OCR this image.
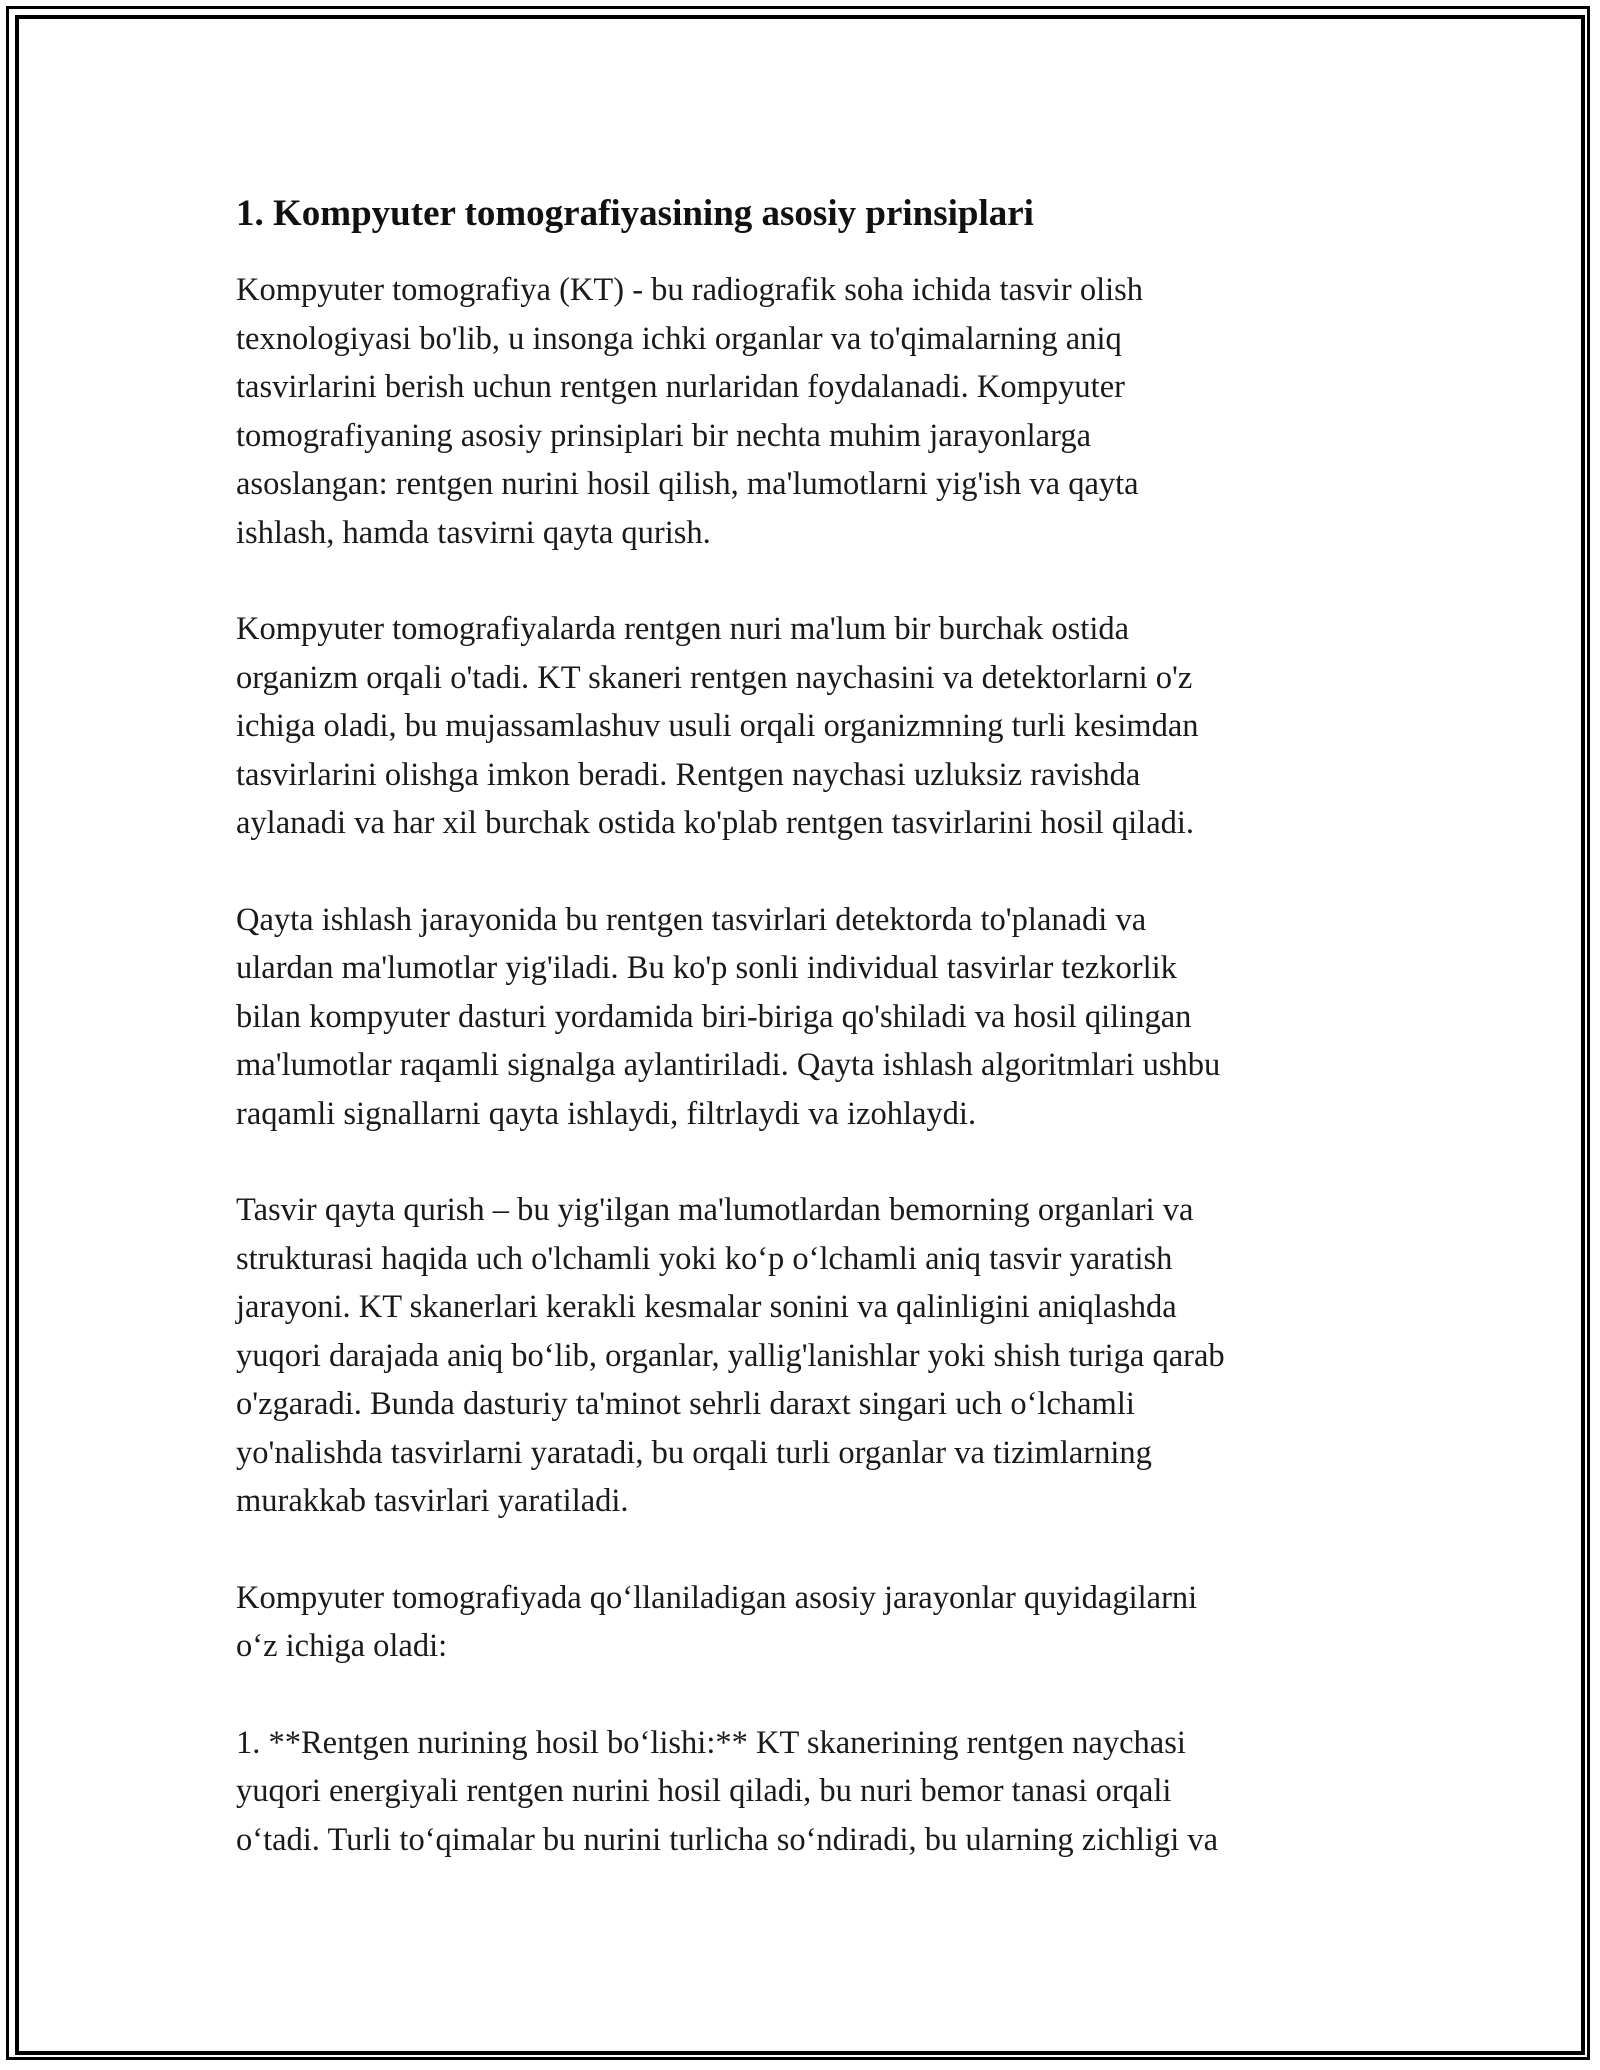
1. Kompyuter tomografiyasining asosiy prinsiplari

Kompyuter tomografiya (KT) - bu radiografik soha ichida tasvir olish
texnologiyasi bo'lib, u insonga ichki organlar va to'qimalarning aniq
tasvirlarini berish uchun rentgen nurlaridan foydalanadi. Kompyuter
tomografiyaning asosiy prinsiplari bir nechta muhim jarayonlarga
asoslangan: rentgen nurini hosil qilish, ma'lumotlarni yig'ish va qayta
ishlash, hamda tasvirni qayta qurish.

Kompyuter tomografiyalarda rentgen nuri ma'lum bir burchak ostida
organizm orqali o'tadi. KT skaneri rentgen naychasini va detektorlarni o'z
ichiga oladi, bu mujassamlashuv usuli orqali organizmning turli kesimdan
tasvirlarini olishga imkon beradi. Rentgen naychasi uzluksiz ravishda
aylanadi va har xil burchak ostida ko'plab rentgen tasvirlarini hosil qiladi.

Qayta ishlash jarayonida bu rentgen tasvirlari detektorda to'planadi va
ulardan ma'lumotlar yig'iladi. Bu ko'p sonli individual tasvirlar tezkorlik
bilan kompyuter dasturi yordamida biri-biriga qo'shiladi va hosil qilingan
ma'lumotlar raqamli signalga aylantiriladi. Qayta ishlash algoritmlari ushbu
raqamli signallarni qayta ishlaydi, filtrlaydi va izohlaydi.

Tasvir qayta qurish – bu yig'ilgan ma'lumotlardan bemorning organlari va
strukturasi haqida uch o'lchamli yoki koʻp oʻlchamli aniq tasvir yaratish
jarayoni. KT skanerlari kerakli kesmalar sonini va qalinligini aniqlashda
yuqori darajada aniq boʻlib, organlar, yallig'lanishlar yoki shish turiga qarab
o'zgaradi. Bunda dasturiy ta'minot sehrli daraxt singari uch oʻlchamli
yo'nalishda tasvirlarni yaratadi, bu orqali turli organlar va tizimlarning
murakkab tasvirlari yaratiladi.

Kompyuter tomografiyada qoʻllaniladigan asosiy jarayonlar quyidagilarni
oʻz ichiga oladi:

1. **Rentgen nurining hosil boʻlishi:** KT skanerining rentgen naychasi
yuqori energiyali rentgen nurini hosil qiladi, bu nuri bemor tanasi orqali
oʻtadi. Turli toʻqimalar bu nurini turlicha soʻndiradi, bu ularning zichligi va
